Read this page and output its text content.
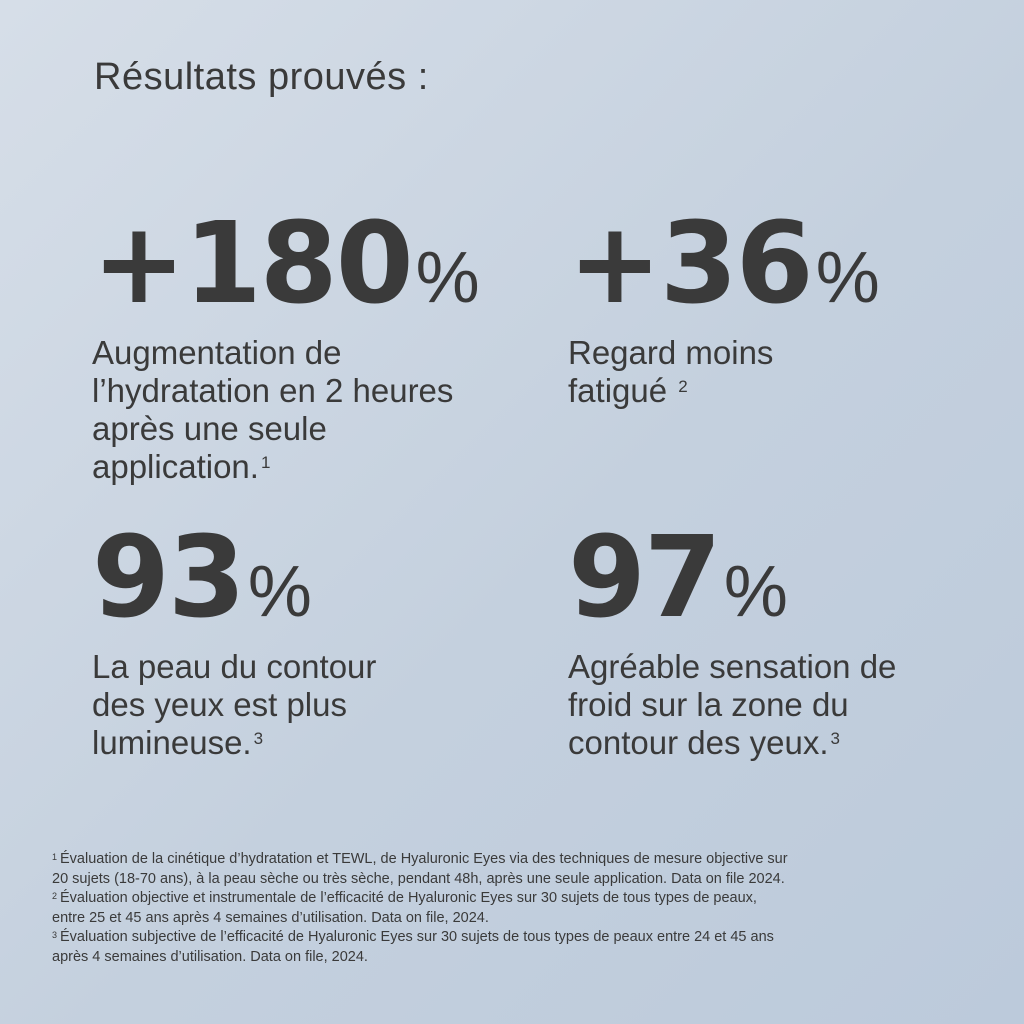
Résultats prouvés :
+180%
Augmentation de
l’hydratation en 2 heures
après une seule
application. $^1$
+36%
Regard moins
fatigué $^2$
93%
La peau du contour
des yeux est plus
lumineuse. $^3$
97%
Agréable sensation de
froid sur la zone du
contour des yeux. $^3$
$^1$ Évaluation de la cinétique d’hydratation et TEWL, de Hyaluronic Eyes via des techniques de mesure objective sur
20 sujets (18-70 ans), à la peau sèche ou très sèche, pendant 48h, après une seule application. Data on file 2024.
$^2$ Évaluation objective et instrumentale de l’efficacité de Hyaluronic Eyes sur 30 sujets de tous types de peaux,
entre 25 et 45 ans après 4 semaines d’utilisation. Data on file, 2024.
$^3$ Évaluation subjective de l’efficacité de Hyaluronic Eyes sur 30 sujets de tous types de peaux entre 24 et 45 ans
après 4 semaines d’utilisation. Data on file, 2024.
